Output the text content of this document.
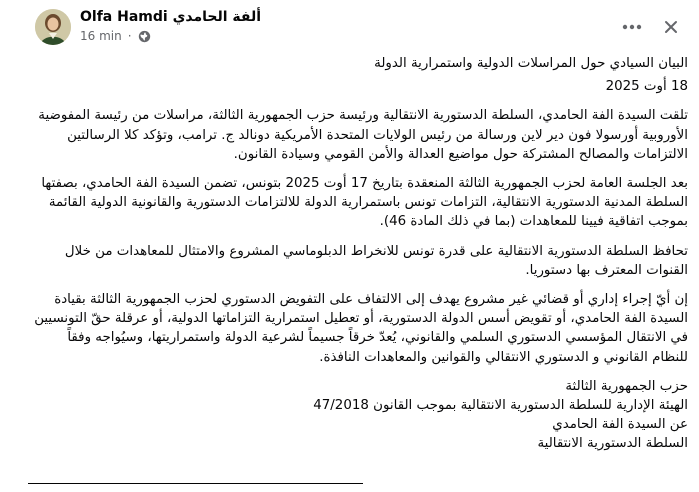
Olfa Hamdi ألفة الحامدي
16 min ·

البيان السيادي حول المراسلات الدولية واستمرارية الدولة

18 أوت 2025

تلقت السيدة الفة الحامدي، السلطة الدستورية الانتقالية ورئيسة حزب الجمهورية الثالثة، مراسلات من رئيسة المفوضية الأوروبية أورسولا فون دير لاين ورسالة من رئيس الولايات المتحدة الأمريكية دونالد ج. ترامب، وتؤكد كلا الرسالتين الالتزامات والمصالح المشتركة حول مواضيع العدالة والأمن القومي وسيادة القانون.

بعد الجلسة العامة لحزب الجمهورية الثالثة المنعقدة بتاريخ 17 أوت 2025 بتونس، تضمن السيدة الفة الحامدي، بصفتها السلطة المدنية الدستورية الانتقالية، التزامات تونس باستمرارية الدولة للالتزامات الدستورية والقانونية الدولية القائمة بموجب اتفاقية فيينا للمعاهدات (بما في ذلك المادة 46).

تحافظ السلطة الدستورية الانتقالية على قدرة تونس للانخراط الدبلوماسي المشروع والامتثال للمعاهدات من خلال القنوات المعترف بها دستوريا.

إن أيّ إجراء إداري أو قضائي غير مشروع يهدف إلى الالتفاف على التفويض الدستوري لحزب الجمهورية الثالثة بقيادة السيدة الفة الحامدي، أو تقويض أسس الدولة الدستورية، أو تعطيل استمرارية التزاماتها الدولية، أو عرقلة حقّ التونسيين في الانتقال المؤسسي الدستوري السلمي والقانوني، يُعدّ خرقاً جسيماً لشرعية الدولة واستمراريتها، وسيُواجه وفقاً للنظام القانوني و الدستوري الانتقالي والقوانين والمعاهدات النافذة.

حزب الجمهورية الثالثة
الهيئة الإدارية للسلطة الدستورية الانتقالية بموجب القانون 47/2018
عن السيدة الفة الحامدي
السلطة الدستورية الانتقالية
